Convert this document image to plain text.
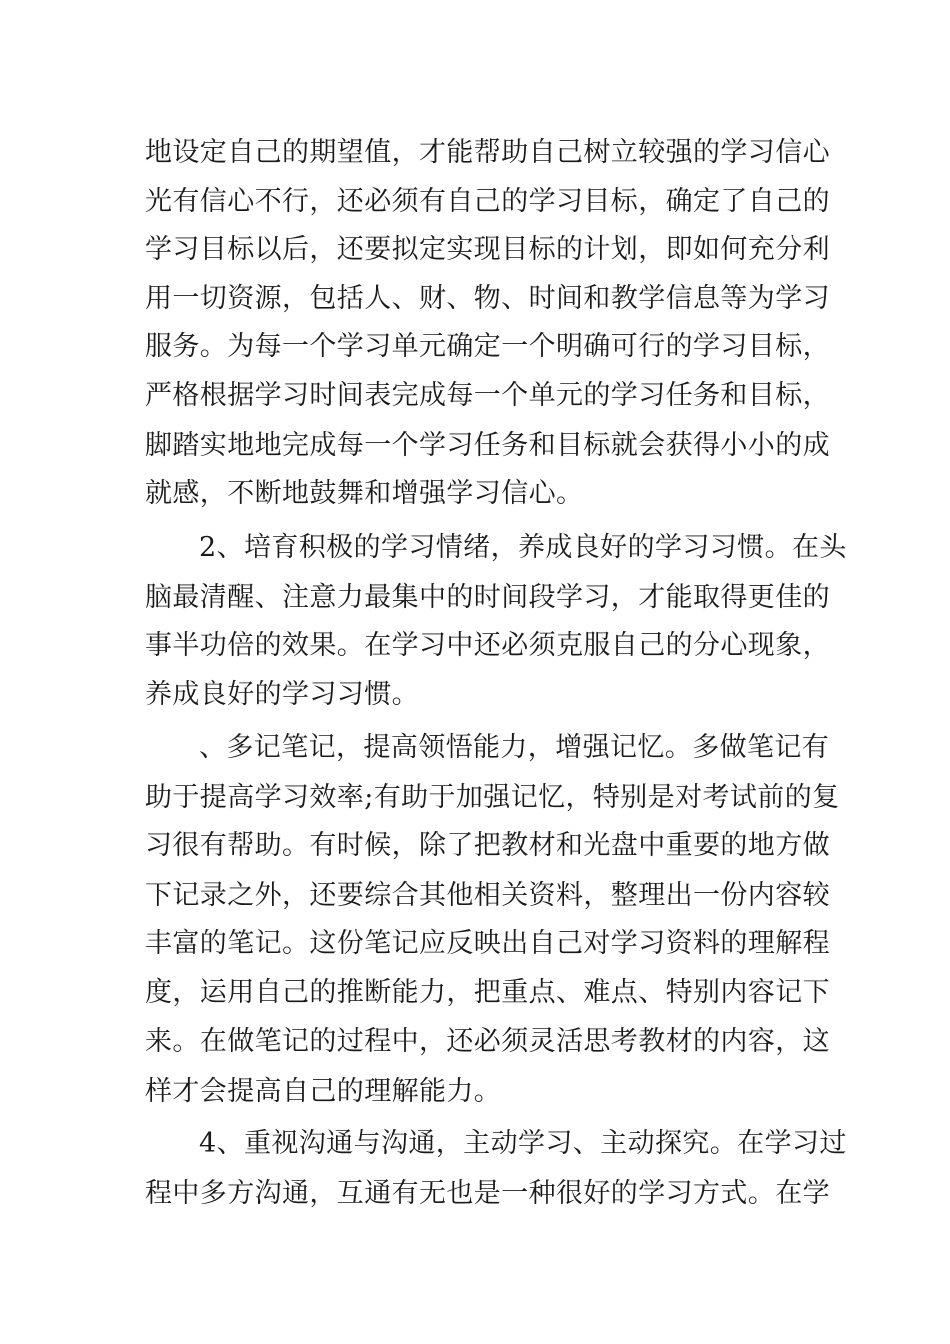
地设定自己的期望值，才能帮助自己树立较强的学习信心
光有信心不行，还必须有自己的学习目标，确定了自己的
学习目标以后，还要拟定实现目标的计划，即如何充分利
用一切资源，包括人、财、物、时间和教学信息等为学习
服务。为每一个学习单元确定一个明确可行的学习目标，
严格根据学习时间表完成每一个单元的学习任务和目标，
脚踏实地地完成每一个学习任务和目标就会获得小小的成
就感，不断地鼓舞和增强学习信心。
2、培育积极的学习情绪，养成良好的学习习惯。在头
脑最清醒、注意力最集中的时间段学习，才能取得更佳的
事半功倍的效果。在学习中还必须克服自己的分心现象，
养成良好的学习习惯。
、多记笔记，提高领悟能力，增强记忆。多做笔记有
助于提高学习效率;有助于加强记忆，特别是对考试前的复
习很有帮助。有时候，除了把教材和光盘中重要的地方做
下记录之外，还要综合其他相关资料，整理出一份内容较
丰富的笔记。这份笔记应反映出自己对学习资料的理解程
度，运用自己的推断能力，把重点、难点、特别内容记下
来。在做笔记的过程中，还必须灵活思考教材的内容，这
样才会提高自己的理解能力。
4、重视沟通与沟通，主动学习、主动探究。在学习过
程中多方沟通，互通有无也是一种很好的学习方式。在学
